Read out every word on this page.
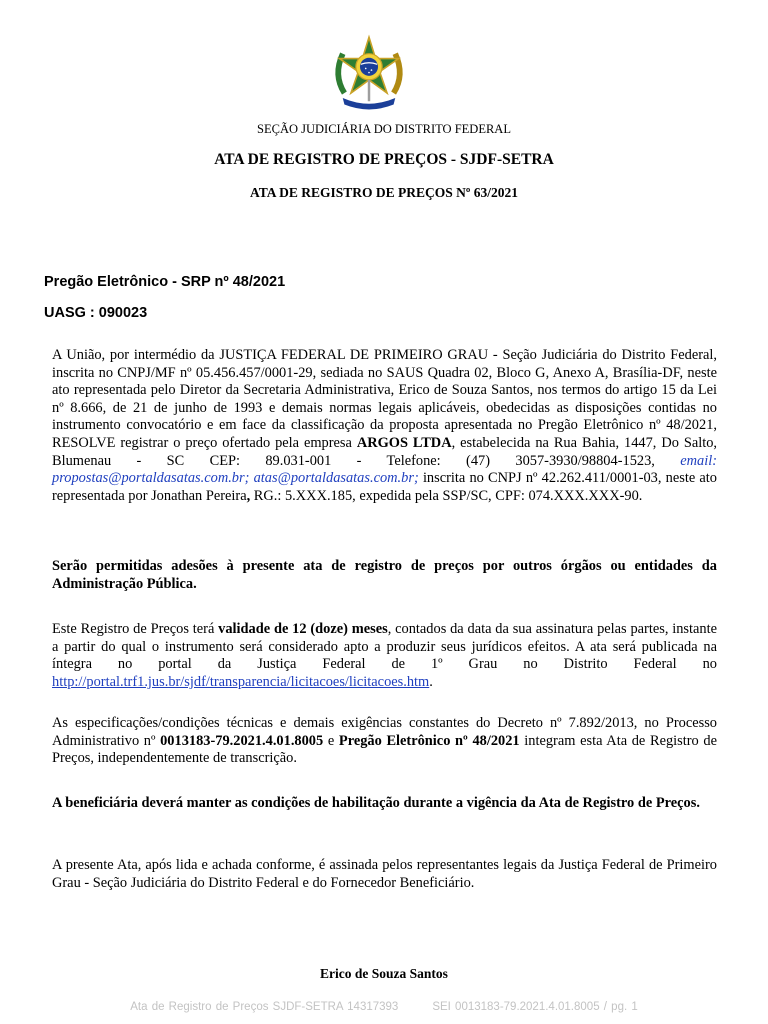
SEÇÃO JUDICIÁRIA DO DISTRITO FEDERAL
ATA DE REGISTRO DE PREÇOS - SJDF-SETRA
ATA DE REGISTRO DE PREÇOS Nº 63/2021
Pregão Eletrônico - SRP nº 48/2021
UASG : 090023
A União, por intermédio da JUSTIÇA FEDERAL DE PRIMEIRO GRAU - Seção Judiciária do Distrito Federal, inscrita no CNPJ/MF nº 05.456.457/0001-29, sediada no SAUS Quadra 02, Bloco G, Anexo A, Brasília-DF, neste ato representada pelo Diretor da Secretaria Administrativa, Erico de Souza Santos, nos termos do artigo 15 da Lei nº 8.666, de 21 de junho de 1993 e demais normas legais aplicáveis, obedecidas as disposições contidas no instrumento convocatório e em face da classificação da proposta apresentada no Pregão Eletrônico nº 48/2021, RESOLVE registrar o preço ofertado pela empresa ARGOS LTDA, estabelecida na Rua Bahia, 1447, Do Salto, Blumenau - SC CEP: 89.031-001 - Telefone: (47) 3057-3930/98804-1523, email: propostas@portaldasatas.com.br; atas@portaldasatas.com.br; inscrita no CNPJ nº 42.262.411/0001-03, neste ato representada por Jonathan Pereira, RG.: 5.XXX.185, expedida pela SSP/SC, CPF: 074.XXX.XXX-90.
Serão permitidas adesões à presente ata de registro de preços por outros órgãos ou entidades da Administração Pública.
Este Registro de Preços terá validade de 12 (doze) meses, contados da data da sua assinatura pelas partes, instante a partir do qual o instrumento será considerado apto a produzir seus jurídicos efeitos. A ata será publicada na íntegra no portal da Justiça Federal de 1º Grau no Distrito Federal no http://portal.trf1.jus.br/sjdf/transparencia/licitacoes/licitacoes.htm.
As especificações/condições técnicas e demais exigências constantes do Decreto nº 7.892/2013, no Processo Administrativo nº 0013183-79.2021.4.01.8005 e Pregão Eletrônico nº 48/2021 integram esta Ata de Registro de Preços, independentemente de transcrição.
A beneficiária deverá manter as condições de habilitação durante a vigência da Ata de Registro de Preços.
A presente Ata, após lida e achada conforme, é assinada pelos representantes legais da Justiça Federal de Primeiro Grau - Seção Judiciária do Distrito Federal e do Fornecedor Beneficiário.
Erico de Souza Santos
Ata de Registro de Preços SJDF-SETRA 14317393	SEI 0013183-79.2021.4.01.8005 / pg. 1
